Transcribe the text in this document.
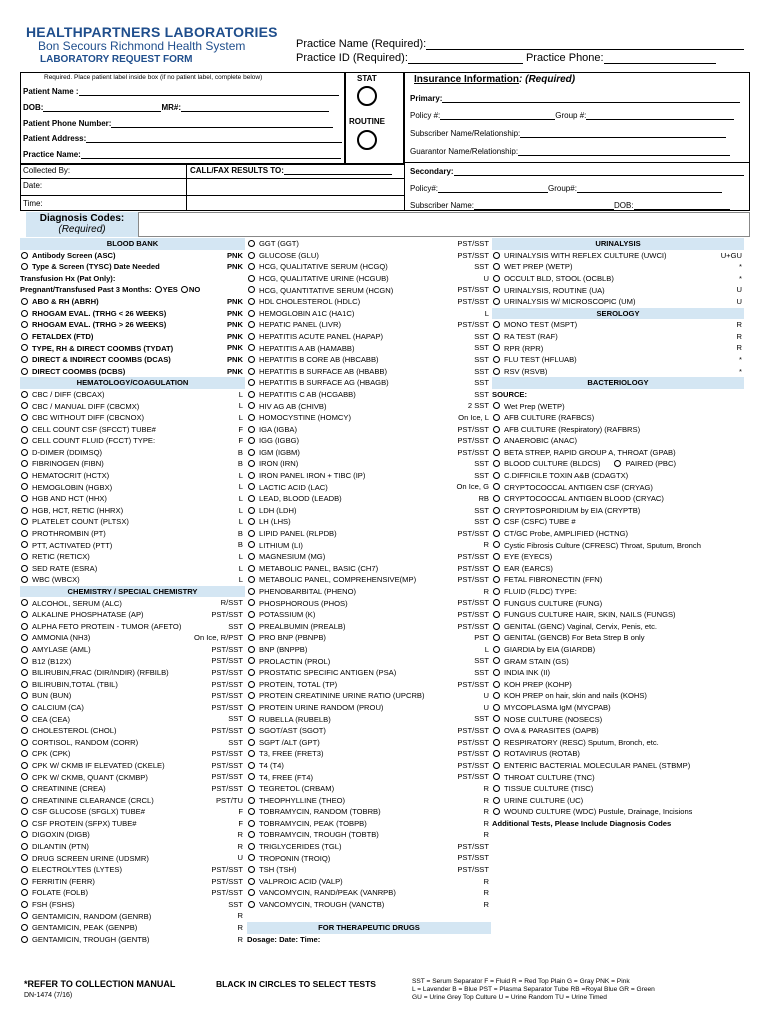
HEALTHPARTNERS LABORATORIES
Bon Secours Richmond Health System
LABORATORY REQUEST FORM
Practice Name (Required):
Practice ID (Required):	Practice Phone:
Required. Place patient label inside box (if no patient label, complete below)
Patient Name :
DOB:	MR#:
Patient Phone Number:
Patient Address:
Practice Name:
STAT
ROUTINE
Collected By:	CALL/FAX RESULTS TO:
Date:
Time:
Insurance Information: (Required)
Primary:
Policy #:	Group #:
Subscriber Name/Relationship:
Guarantor Name/Relationship:
Secondary:
Policy#:	Group#:
Subscriber Name:	DOB:
Diagnosis Codes:
(Required)
BLOOD BANK
Antibody Screen (ASC)	PNK
Type & Screen (TYSC) Date Needed	PNK
Transfusion Hx (Pat Only):
Pregnant/Transfused Past 3 Months: YES NO
ABO & RH (ABRH)	PNK
RHOGAM EVAL. (TRHG < 26 WEEKS)	PNK
RHOGAM EVAL. (TRHG > 26 WEEKS)	PNK
FETALDEX (FTD)	PNK
TYPE, RH & DIRECT COOMBS (TYDAT)	PNK
DIRECT & INDIRECT COOMBS (DCAS)	PNK
DIRECT COOMBS (DCBS)	PNK
HEMATOLOGY/COAGULATION
CBC / DIFF (CBCAX)	L
CBC / MANUAL DIFF (CBCMX)	L
CBC WITHOUT DIFF (CBCNOX)	L
CELL COUNT CSF (SFCCT) TUBE#	F
CELL COUNT FLUID (FCCT) TYPE:	F
D-DIMER (DDIMSQ)	B
FIBRINOGEN (FIBN)	B
HEMATOCRIT (HCTX)	L
HEMOGLOBIN (HGBX)	L
HGB AND HCT (HHX)	L
HGB, HCT, RETIC (HHRX)	L
PLATELET COUNT (PLTSX)	L
PROTHROMBIN (PT)	B
PTT, ACTIVATED (PTT)	B
RETIC (RETICX)	L
SED RATE (ESRA)	L
WBC (WBCX)	L
CHEMISTRY / SPECIAL CHEMISTRY
ALCOHOL, SERUM (ALC)	R/SST
ALKALINE PHOSPHATASE (AP)	PST/SST
ALPHA FETO PROTEIN - TUMOR (AFETO)	SST
AMMONIA (NH3)	On Ice, R/PST
AMYLASE (AML)	PST/SST
B12 (B12X)	PST/SST
BILIRUBIN,FRAC (DIR/INDIR) (RFBILB)	PST/SST
BILIRUBIN,TOTAL (TBIL)	PST/SST
BUN (BUN)	PST/SST
CALCIUM (CA)	PST/SST
CEA (CEA)	SST
CHOLESTEROL (CHOL)	PST/SST
CORTISOL, RANDOM (CORR)	SST
CPK (CPK)	PST/SST
CPK W/ CKMB IF ELEVATED (CKELE)	PST/SST
CPK W/ CKMB, QUANT (CKMBP)	PST/SST
CREATININE (CREA)	PST/SST
CREATININE CLEARANCE (CRCL)	PST/TU
CSF GLUCOSE (SFGLX) TUBE#	F
CSF PROTEIN (SFPX) TUBE#	F
DIGOXIN (DIGB)	R
DILANTIN (PTN)	R
DRUG SCREEN URINE (UDSMR)	U
ELECTROLYTES (LYTES)	PST/SST
FERRITIN (FERR)	PST/SST
FOLATE (FOLB)	PST/SST
FSH (FSHS)	SST
GENTAMICIN, RANDOM (GENRB)	R
GENTAMICIN, PEAK (GENPB)	R
GENTAMICIN, TROUGH (GENTB)	R
GGT (GGT)	PST/SST
GLUCOSE (GLU)	PST/SST
HCG, QUALITATIVE SERUM (HCGQ)	SST
HCG, QUALITATIVE URINE (HCGUB)	U
HCG, QUANTITATIVE SERUM (HCGN)	PST/SST
HDL CHOLESTEROL (HDLC)	PST/SST
HEMOGLOBIN A1C (HA1C)	L
HEPATIC PANEL (LIVR)	PST/SST
HEPATITIS ACUTE PANEL (HAPAP)	SST
HEPATITIS A AB (HAMABB)	SST
HEPATITIS B CORE AB (HBCABB)	SST
HEPATITIS B SURFACE AB (HBABB)	SST
HEPATITIS B SURFACE AG (HBAGB)	SST
HEPATITIS C AB (HCGABB)	SST
HIV AG AB (CHIVB)	2 SST
HOMOCYSTINE (HOMCY)	On Ice, L
IGA (IGBA)	PST/SST
IGG (IGBG)	PST/SST
IGM (IGBM)	PST/SST
IRON (IRN)	SST
IRON PANEL IRON + TIBC (IP)	SST
LACTIC ACID (LAC)	On Ice, G
LEAD, BLOOD (LEADB)	RB
LDH (LDH)	SST
LH (LHS)	SST
LIPID PANEL (RLPDB)	PST/SST
LITHIUM (LI)	R
MAGNESIUM (MG)	PST/SST
METABOLIC PANEL, BASIC (CH7)	PST/SST
METABOLIC PANEL, COMPREHENSIVE(MP)	PST/SST
PHENOBARBITAL (PHENO)	R
PHOSPHOROUS (PHOS)	PST/SST
POTASSIUM (K)	PST/SST
PREALBUMIN (PREALB)	PST/SST
PRO BNP (PBNPB)	PST
BNP (BNPPB)	L
PROLACTIN (PROL)	SST
PROSTATIC SPECIFIC ANTIGEN (PSA)	SST
PROTEIN, TOTAL (TP)	PST/SST
PROTEIN CREATININE URINE RATIO (UPCRB)	U
PROTEIN URINE RANDOM (PROU)	U
RUBELLA (RUBELB)	SST
SGOT/AST (SGOT)	PST/SST
SGPT /ALT (GPT)	PST/SST
T3, FREE (FRET3)	PST/SST
T4 (T4)	PST/SST
T4, FREE (FT4)	PST/SST
TEGRETOL (CRBAM)	R
THEOPHYLLINE (THEO)	R
TOBRAMYCIN, RANDOM (TOBRB)	R
TOBRAMYCIN, PEAK (TOBPB)	R
TOBRAMYCIN, TROUGH (TOBTB)	R
TRIGLYCERIDES (TGL)	PST/SST
TROPONIN (TROIQ)	PST/SST
TSH (TSH)	PST/SST
VALPROIC ACID (VALP)	R
VANCOMYCIN, RAND/PEAK (VANRPB)	R
VANCOMYCIN, TROUGH (VANCTB)	R
FOR THERAPEUTIC DRUGS
Dosage: Date: Time:
URINALYSIS
URINALYSIS WITH REFLEX CULTURE (UWCI)	U+GU
WET PREP (WETP)	*
OCCULT BLD, STOOL (OCBLB)	*
URINALYSIS, ROUTINE (UA)	U
URINALYSIS W/ MICROSCOPIC (UM)	U
SEROLOGY
MONO TEST (MSPT)	R
RA TEST (RAF)	R
RPR (RPR)	R
FLU TEST (HFLUAB)	*
RSV (RSVB)	*
BACTERIOLOGY
SOURCE:
Wet Prep (WETP)
AFB CULTURE (RAFBCS)
AFB CULTURE (Respiratory) (RAFBRS)
ANAEROBIC (ANAC)
BETA STREP, RAPID GROUP A, THROAT (GPAB)
BLOOD CULTURE (BLDCS)	PAIRED (PBC)
C.DIFFICILE TOXIN A&B (CDAGTX)
CRYPTOCOCCAL ANTIGEN CSF (CRYAG)
CRYPTOCOCCAL ANTIGEN BLOOD (CRYAC)
CRYPTOSPORIDIUM by EIA (CRYPTB)
CSF (CSFC) TUBE #
CT/GC Probe, AMPLIFIED (HCTNG)
Cystic Fibrosis Culture (CFRESC) Throat, Sputum, Bronch
EYE (EYECS)
EAR (EARCS)
FETAL FIBRONECTIN (FFN)
FLUID (FLDC) TYPE:
FUNGUS CULTURE (FUNG)
FUNGUS CULTURE HAIR, SKIN, NAILS (FUNGS)
GENITAL (GENC) Vaginal, Cervix, Penis, etc.
GENITAL (GENCB) For Beta Strep B only
GIARDIA by EIA (GIARDB)
GRAM STAIN (GS)
INDIA INK (II)
KOH PREP (KOHP)
KOH PREP on hair, skin and nails (KOHS)
MYCOPLASMA IgM (MYCPAB)
NOSE CULTURE (NOSECS)
OVA & PARASITES (OAPB)
RESPIRATORY (RESC) Sputum, Bronch, etc.
ROTAVIRUS (ROTAB)
ENTERIC BACTERIAL MOLECULAR PANEL (STBMP)
THROAT CULTURE (TNC)
TISSUE CULTURE (TISC)
URINE CULTURE (UC)
WOUND CULTURE (WDC) Pustule, Drainage, Incisions
Additional Tests, Please Include Diagnosis Codes
*REFER TO COLLECTION MANUAL	BLACK IN CIRCLES TO SELECT TESTS
DN-1474 (7/16)
SST = Serum Separator F = Fluid R = Red Top Plain G = Gray PNK = Pink
L = Lavender B = Blue PST = Plasma Separator Tube RB =Royal Blue GR = Green
GU = Urine Grey Top Culture U = Urine Random TU = Urine Timed
